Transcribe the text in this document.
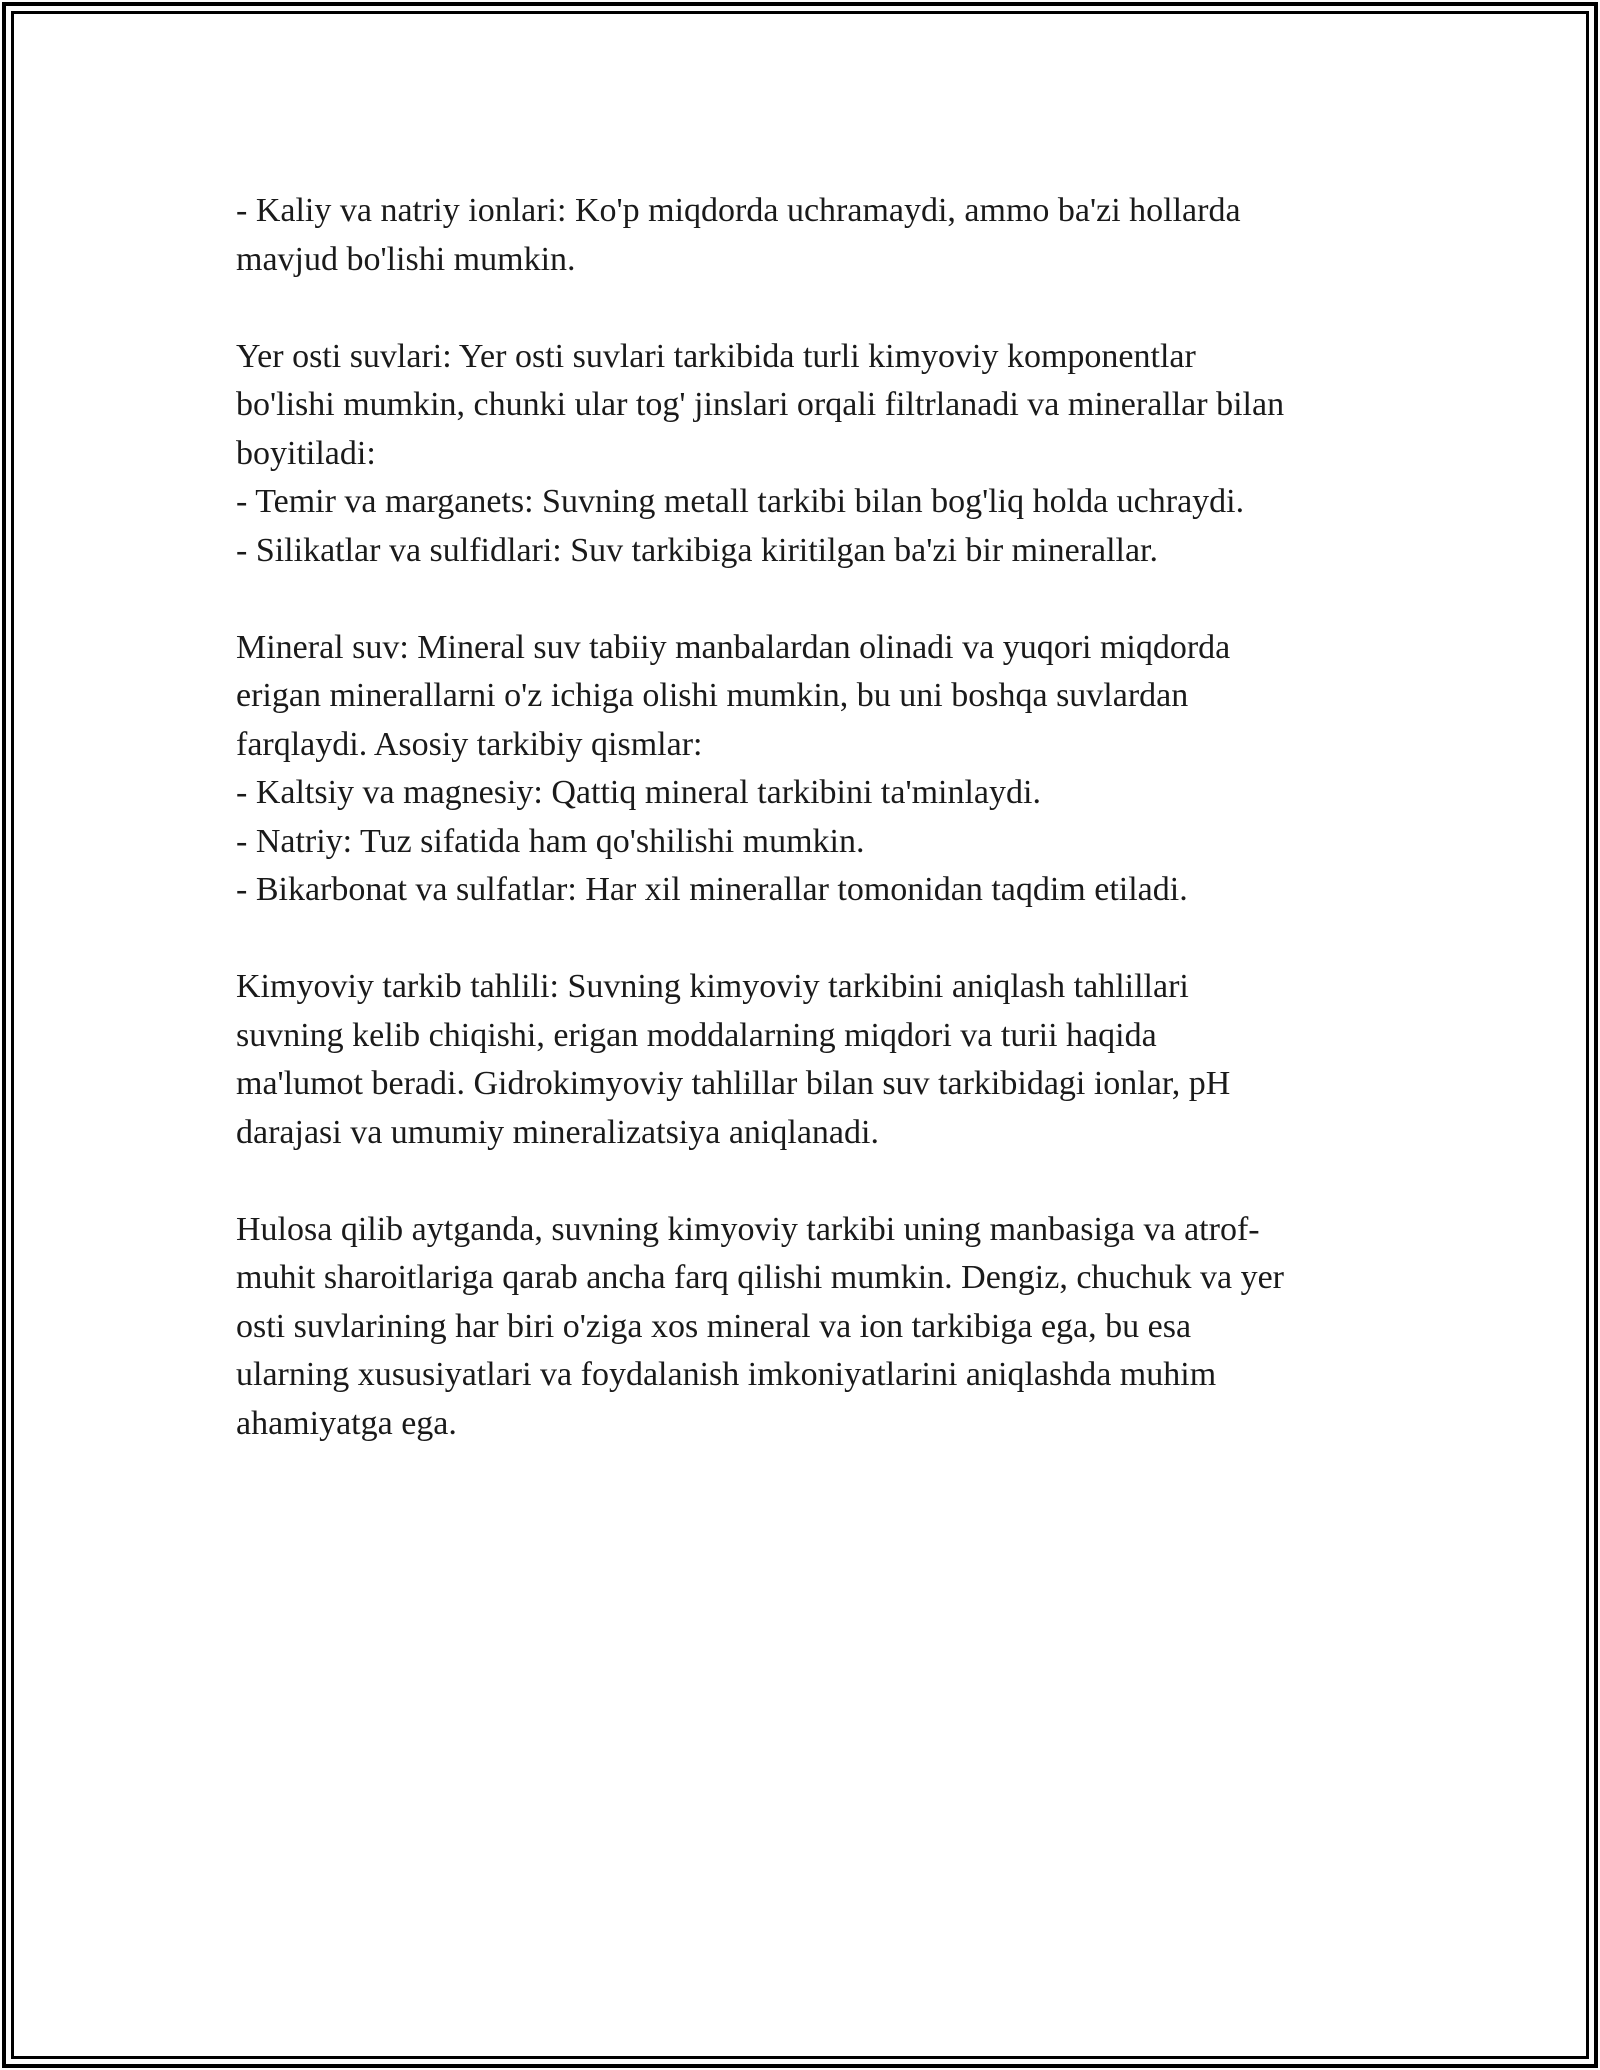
- Kaliy va natriy ionlari: Ko'p miqdorda uchramaydi, ammo ba'zi hollarda
mavjud bo'lishi mumkin.
Yer osti suvlari: Yer osti suvlari tarkibida turli kimyoviy komponentlar
bo'lishi mumkin, chunki ular tog' jinslari orqali filtrlanadi va minerallar bilan
boyitiladi:
- Temir va marganets: Suvning metall tarkibi bilan bog'liq holda uchraydi.
- Silikatlar va sulfidlari: Suv tarkibiga kiritilgan ba'zi bir minerallar.
Mineral suv: Mineral suv tabiiy manbalardan olinadi va yuqori miqdorda
erigan minerallarni o'z ichiga olishi mumkin, bu uni boshqa suvlardan
farqlaydi. Asosiy tarkibiy qismlar:
- Kaltsiy va magnesiy: Qattiq mineral tarkibini ta'minlaydi.
- Natriy: Tuz sifatida ham qo'shilishi mumkin.
- Bikarbonat va sulfatlar: Har xil minerallar tomonidan taqdim etiladi.
Kimyoviy tarkib tahlili: Suvning kimyoviy tarkibini aniqlash tahlillari
suvning kelib chiqishi, erigan moddalarning miqdori va turii haqida
ma'lumot beradi. Gidrokimyoviy tahlillar bilan suv tarkibidagi ionlar, pH
darajasi va umumiy mineralizatsiya aniqlanadi.
Hulosa qilib aytganda, suvning kimyoviy tarkibi uning manbasiga va atrof-
muhit sharoitlariga qarab ancha farq qilishi mumkin. Dengiz, chuchuk va yer
osti suvlarining har biri o'ziga xos mineral va ion tarkibiga ega, bu esa
ularning xususiyatlari va foydalanish imkoniyatlarini aniqlashda muhim
ahamiyatga ega.
